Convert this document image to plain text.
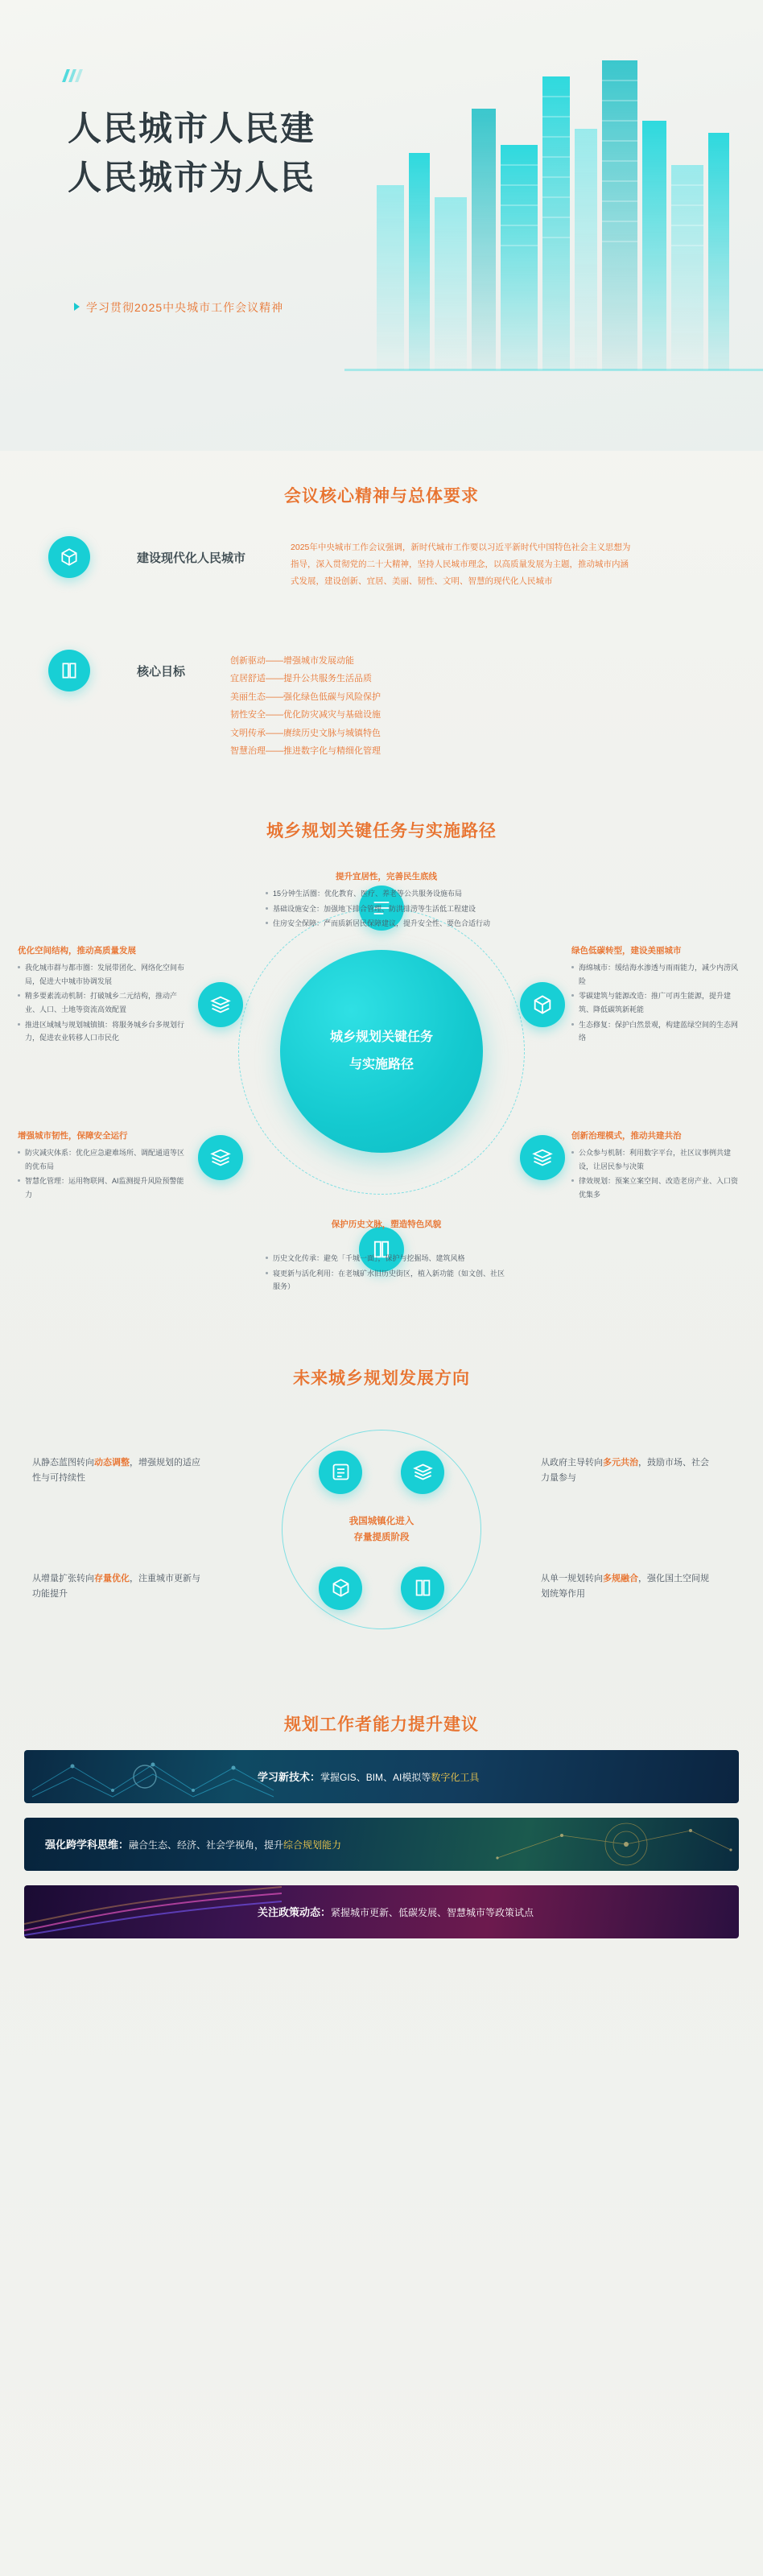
人民城市人民建
人民城市为人民
学习贯彻2025中央城市工作会议精神
会议核心精神与总体要求
建设现代化人民城市
2025年中央城市工作会议强调，新时代城市工作要以习近平新时代中国特色社会主义思想为指导，深入贯彻党的二十大精神，坚持人民城市理念，以高质量发展为主题，推动城市内涵式发展，建设创新、宜居、美丽、韧性、文明、智慧的现代化人民城市
核心目标

创新驱动——增强城市发展动能

宜居舒适——提升公共服务生活品质

美丽生态——强化绿色低碳与风险保护

韧性安全——优化防灾减灾与基础设施

文明传承——赓续历史文脉与城镇特色

智慧治理——推进数字化与精细化管理

城乡规划关键任务与实施路径
城乡规划关键任务
与实施路径
提升宜居性，完善民生底线
15分钟生活圈：优化教育、医疗、养老等公共服务设施布局
基础设施安全：加强地下排合管理、防洪排涝等生活低工程建设
住房安全保障：严而质新居民保障建议，提升安全性、要色合适行动
优化空间结构，推动高质量发展
我化城市群与都市圈：发展带团化、网络化空间布局，促进大中城市协调发展
精多要素流动机制：打破城乡二元结构，推动产业、人口、土地等资流高效配置
推进区域城与规划城镇镇：将服务城乡台多规划行力，促进农业转移人口市民化
绿色低碳转型，建设美丽城市
海绵城市：缓结海水渗透与雨雨能力，减少内涝风险
零碳建筑与能源改造：推广可再生能源，提升建筑、降低碳筑新耗能
生态修复：保护白然景观，构建蓝绿空间的生态网络
增强城市韧性，保障安全运行
防灾减灾体系：优化应急避难场所、调配通道等区的优布局
智慧化管理：运用物联网、AI监测提升风险预警能力
创新治理模式，推动共建共治
公众参与机制：利用数字平台，社区议事例共建设，让居民参与决策
律效规划：预案立案空间、改造老房产业、入口资优集多
保护历史文脉，塑造特色风貌
历史文化传承：避免「千城一面」，保护与挖掘场、建筑风格
寝更新与活化利用：在老城矿水旧历史街区，植入新功能（如文创、社区服务）
未来城乡规划发展方向
我国城镇化进入
存量提质阶段
从静态蓝图转向动态调整，增强规划的适应性与可持续性
从政府主导转向多元共治，鼓励市场、社会力量参与
从增量扩张转向存量优化，注重城市更新与功能提升
从单一规划转向多规融合，强化国土空间规划统筹作用
规划工作者能力提升建议
学习新技术：掌握GIS、BIM、AI模拟等数字化工具
强化跨学科思维：融合生态、经济、社会学视角，提升综合规划能力
关注政策动态：紧握城市更新、低碳发展、智慧城市等政策试点
